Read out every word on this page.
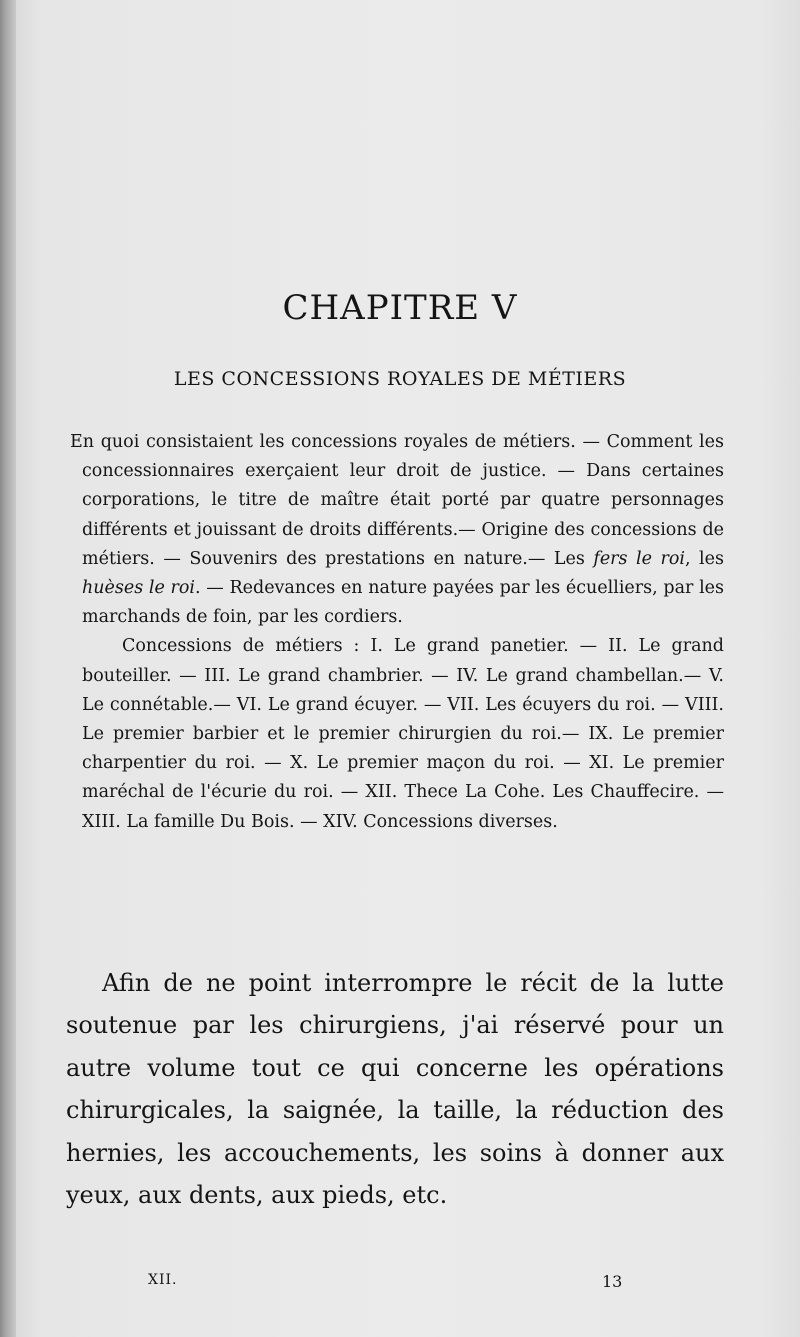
CHAPITRE V
LES CONCESSIONS ROYALES DE MÉTIERS

En quoi consistaient les concessions royales de métiers. — Comment les concessionnaires exerçaient leur droit de justice. — Dans certaines corporations, le titre de maître était porté par quatre personnages différents et jouissant de droits différents.— Origine des concessions de métiers. — Souvenirs des prestations en nature.— Les fers le roi, les huèses le roi. — Redevances en nature payées par les écuelliers, par les marchands de foin, par les cordiers.

Concessions de métiers : I. Le grand panetier. — II. Le grand bouteiller. — III. Le grand chambrier. — IV. Le grand chambellan.— V. Le connétable.— VI. Le grand écuyer. — VII. Les écuyers du roi. — VIII. Le premier barbier et le premier chirurgien du roi.— IX. Le premier charpentier du roi. — X. Le premier maçon du roi. — XI. Le premier maréchal de l'écurie du roi. — XII. Thece La Cohe. Les Chauffecire. —XIII. La famille Du Bois. — XIV. Concessions diverses.

Afin de ne point interrompre le récit de la lutte soutenue par les chirurgiens, j'ai réservé pour un autre volume tout ce qui concerne les opérations chirurgicales, la saignée, la taille, la réduction des hernies, les accouchements, les soins à donner aux yeux, aux dents, aux pieds, etc.

XII.	13
